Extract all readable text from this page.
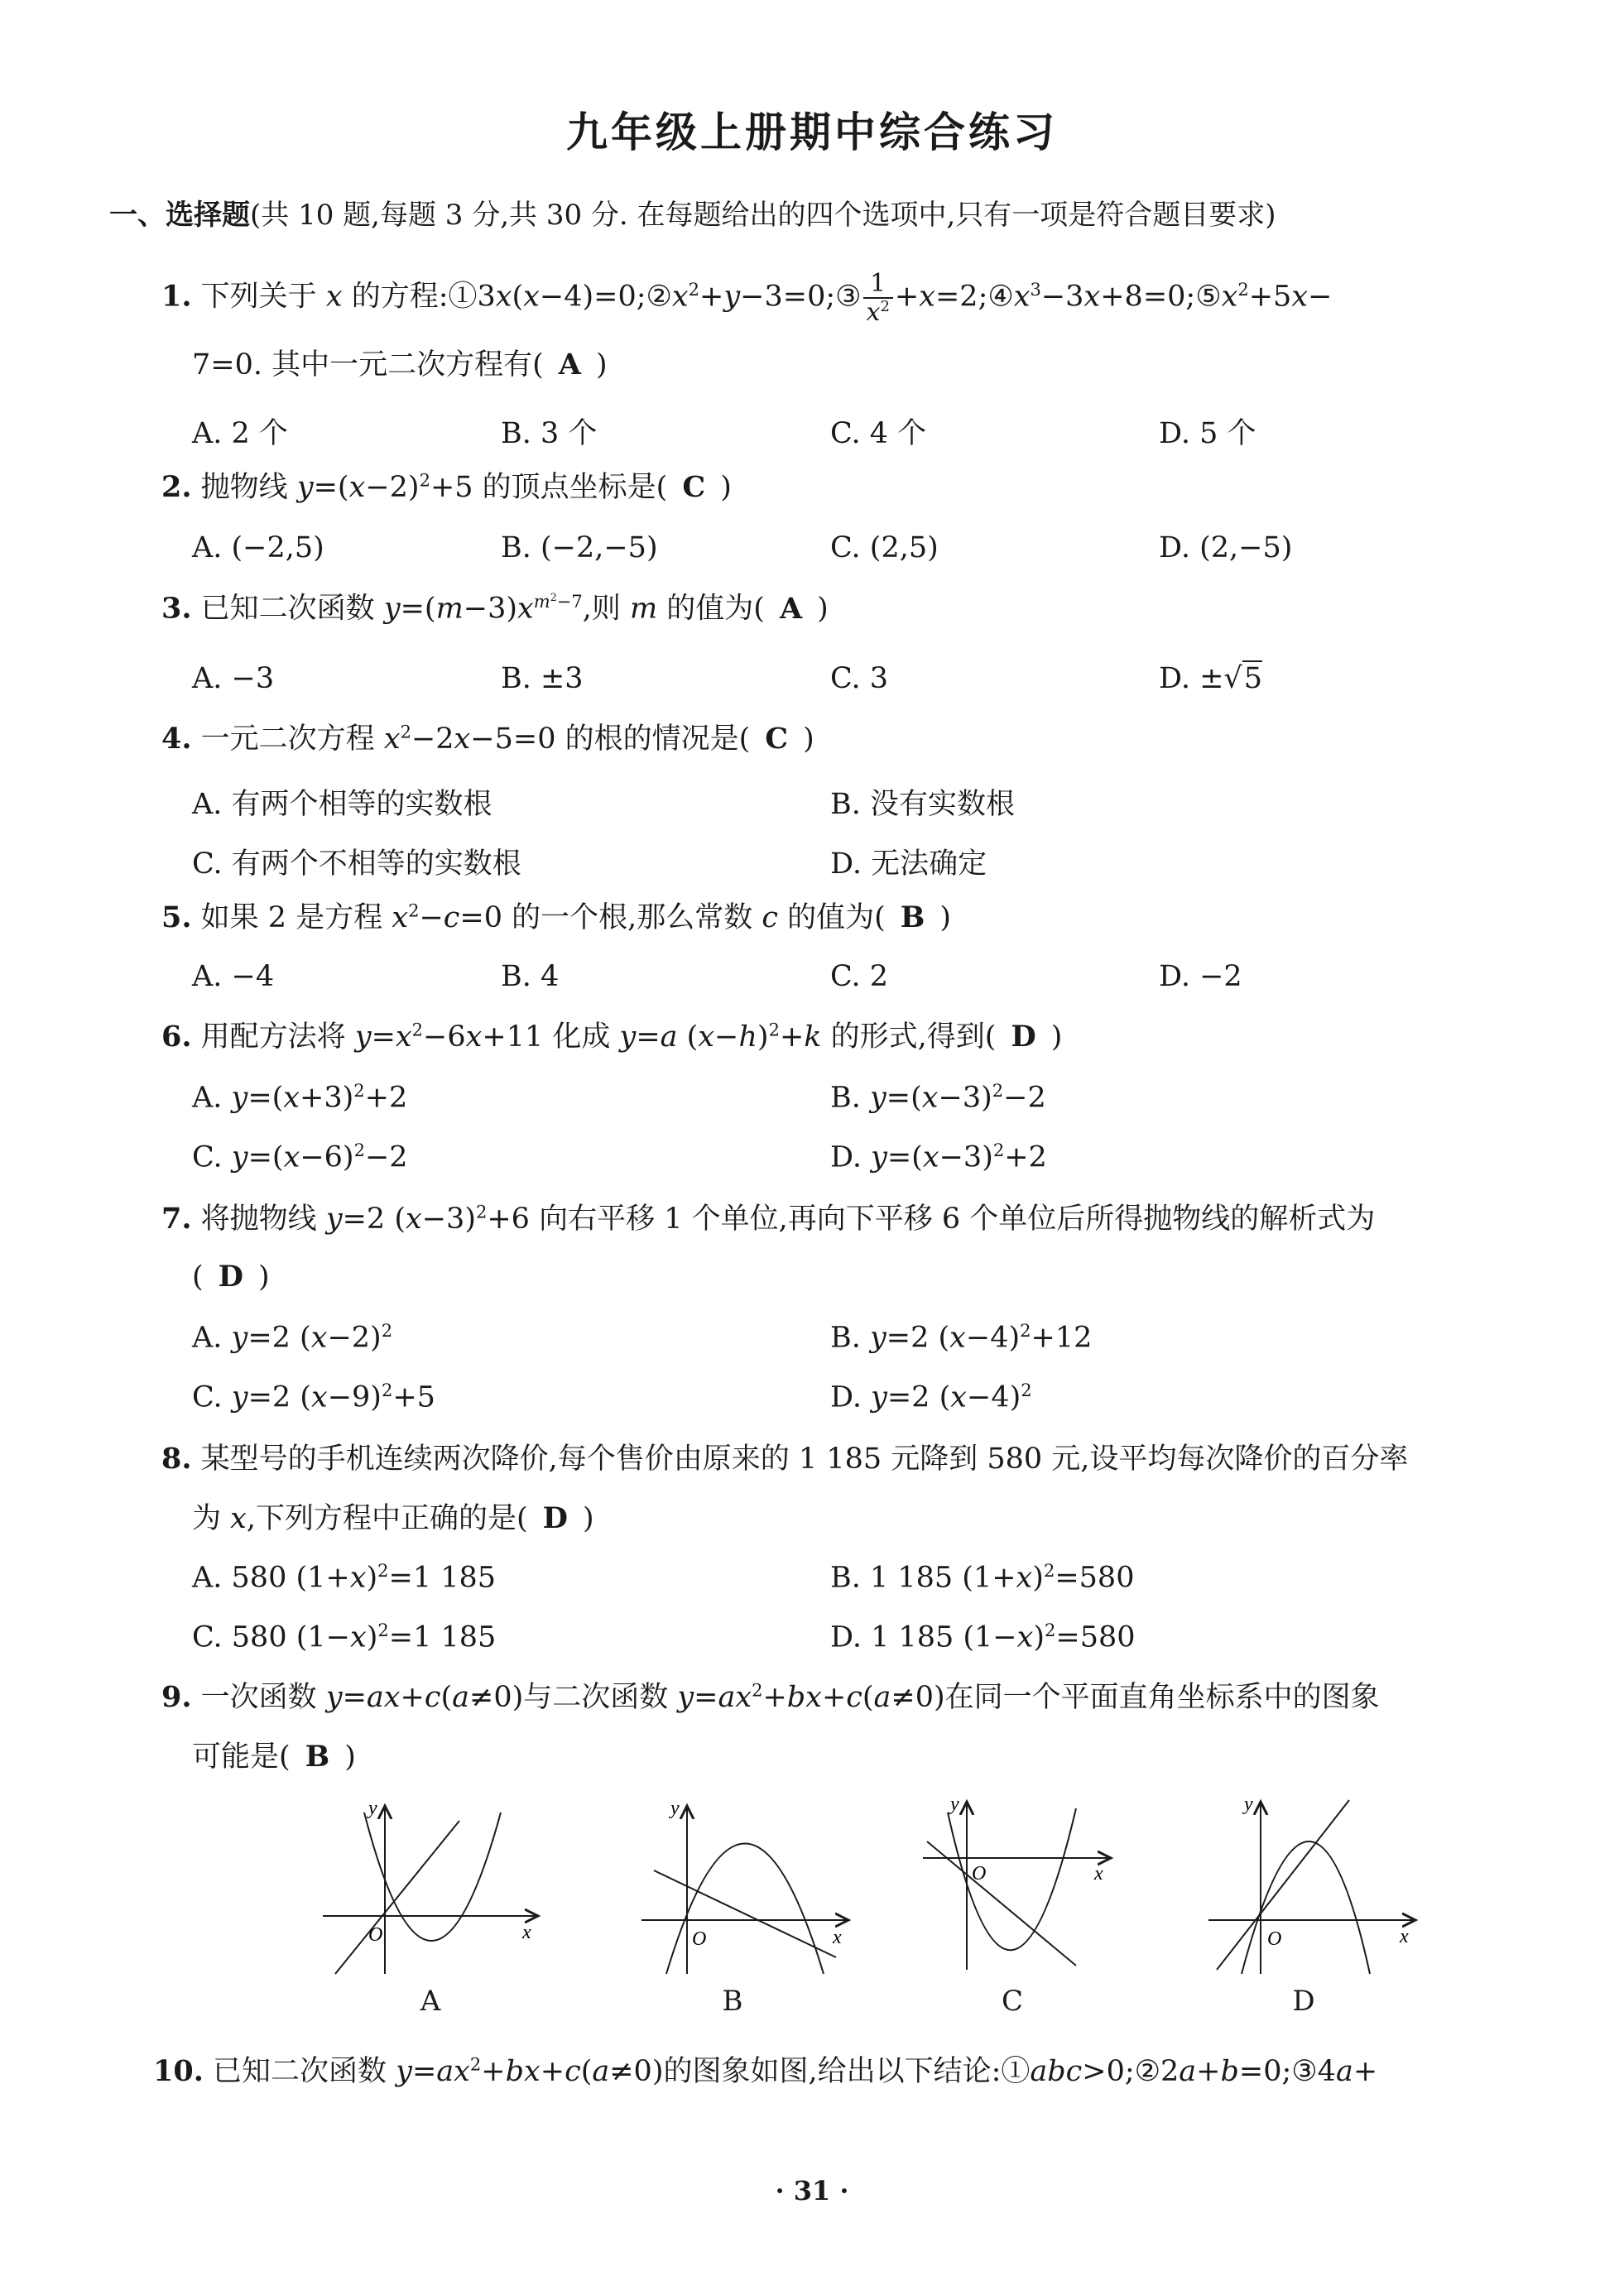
九年级上册期中综合练习
一、选择题(共 10 题,每题 3 分,共 30 分. 在每题给出的四个选项中,只有一项是符合题目要求)
1. 下列关于 x 的方程$:①3x(x-4)=0;②x^2+y-3=0;③ \frac{1}{x^2}$ $+x=2;④x^3-3x+8=0;⑤x^2+5x-$
7=0. 其中一元二次方程有( A )
A. 2 个	B. 3 个	C. 4 个	D. 5 个
2. 抛物线 $y=(x-2)^2+5$ 的顶点坐标是( C )
A. (−2,5)	B. (−2,−5)	C. (2,5)	D. (2,−5)
3. 已知二次函数 $y=(m-3)x^{m^2-7}$,则 m 的值为( A )
A. −3	B. ±3	C. 3	D. ±√5
4. 一元二次方程 $x^2-2x-5=0$ 的根的情况是( C )
A. 有两个相等的实数根	B. 没有实数根
C. 有两个不相等的实数根	D. 无法确定
5. 如果 2 是方程 $x^2-c=0$ 的一个根,那么常数 c 的值为( B )
A. −4	B. 4	C. 2	D. −2
6. 用配方法将 $y=x^2-6x+11$ 化成 y=a $(x-h)^2+k$ 的形式,得到( D )
A. $y=(x+3)^2+2$	B. $y=(x-3)^2-2$
C. $y=(x-6)^2-2$	D. $y=(x-3)^2+2$
7. 将抛物线 y=2 $(x-3)^2+6$ 向右平移 1 个单位,再向下平移 6 个单位后所得抛物线的解析式为
( D )
A. y=2 $(x-2)^2$	B. y=2 $(x-4)^2+12$
C. y=2 $(x-9)^2+5$	D. y=2 $(x-4)^2$
8. 某型号的手机连续两次降价,每个售价由原来的 1 185 元降到 580 元,设平均每次降价的百分率
为 x,下列方程中正确的是( D )
A. 580 $(1+x)^2=1$ 185	B. 1 185 $(1+x)^2=580$
C. 580 $(1-x)^2=1$ 185	D. 1 185 $(1-x)^2=580$
9. 一次函数 y=ax+c(a≠0)与二次函数 $y=ax^2+bx+c(a\ne 0)$在同一个平面直角坐标系中的图象
可能是( B )
y
x
O
A
y
x
O
B
y
x
O
C
y
x
O
D
10. 已知二次函数 $y=ax^2+bx+c(a\ne 0)$的图象如图,给出以下结论:①abc>0;②2a+b=0;③4a+
· 31 ·
